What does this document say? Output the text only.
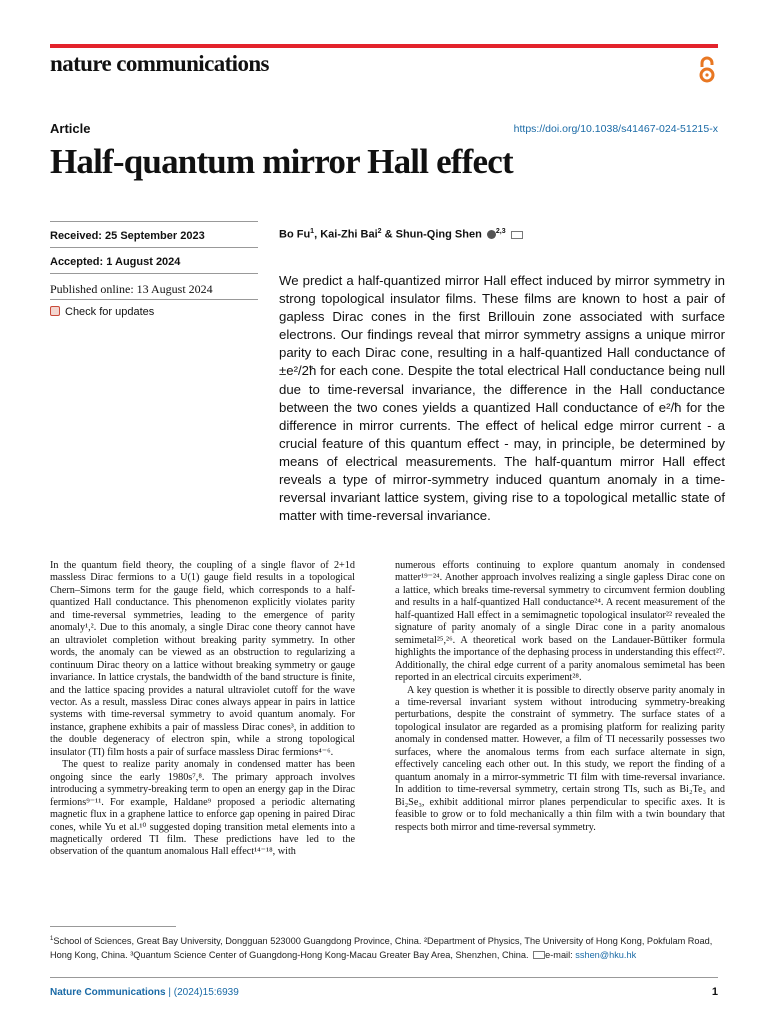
nature communications
Article	https://doi.org/10.1038/s41467-024-51215-x
Half-quantum mirror Hall effect
Received: 25 September 2023
Accepted: 1 August 2024
Published online: 13 August 2024
Check for updates
Bo Fu$^1$, Kai-Zhi Bai$^2$ & Shun-Qing Shen $^{2,3}$
We predict a half-quantized mirror Hall effect induced by mirror symmetry in strong topological insulator films. These films are known to host a pair of gapless Dirac cones in the first Brillouin zone associated with surface electrons. Our findings reveal that mirror symmetry assigns a unique mirror parity to each Dirac cone, resulting in a half-quantized Hall conductance of ±e²/2ħ for each cone. Despite the total electrical Hall conductance being null due to time-reversal invariance, the difference in the Hall conductance between the two cones yields a quantized Hall conductance of e²/ħ for the difference in mirror currents. The effect of helical edge mirror current - a crucial feature of this quantum effect - may, in principle, be determined by means of electrical measurements. The half-quantum mirror Hall effect reveals a type of mirror-symmetry induced quantum anomaly in a time-reversal invariant lattice system, giving rise to a topological metallic state of matter with time-reversal invariance.

In the quantum field theory, the coupling of a single flavor of 2+1d massless Dirac fermions to a U(1) gauge field results in a topological Chern–Simons term for the gauge field, which corresponds to a half-quantized Hall conductance. This phenomenon explicitly violates parity and time-reversal symmetries, leading to the emergence of parity anomaly¹,². Due to this anomaly, a single Dirac cone theory cannot have an ultraviolet completion without breaking parity symmetry. In other words, the anomaly can be viewed as an obstruction to regularizing a continuum Dirac theory on a lattice without breaking symmetry or gauge invariance. In lattice crystals, the bandwidth of the band structure is finite, and the lattice spacing provides a natural ultraviolet cutoff for the wave vector. As a result, massless Dirac cones always appear in pairs in lattice systems with time-reversal symmetry to avoid quantum anomaly. For instance, graphene exhibits a pair of massless Dirac cones³, in addition to the double degeneracy of electron spin, while a strong topological insulator (TI) film hosts a pair of surface massless Dirac fermions⁴⁻⁶.

The quest to realize parity anomaly in condensed matter has been ongoing since the early 1980s⁷,⁸. The primary approach involves introducing a symmetry-breaking term to open an energy gap in the Dirac fermions⁹⁻¹¹. For example, Haldane⁹ proposed a periodic alternating magnetic flux in a graphene lattice to enforce gap opening in paired Dirac cones, while Yu et al.¹⁰ suggested doping transition metal elements into a magnetically ordered TI film. These predictions have led to the observation of the quantum anomalous Hall effect¹⁴⁻¹⁸, with

numerous efforts continuing to explore quantum anomaly in condensed matter¹⁹⁻²⁴. Another approach involves realizing a single gapless Dirac cone on a lattice, which breaks time-reversal symmetry to circumvent fermion doubling and results in a half-quantized Hall conductance²⁴. A recent measurement of the half-quantized Hall effect in a semimagnetic topological insulator²² revealed the signature of parity anomaly of a single Dirac cone in a parity anomalous semimetal²⁵,²⁶. A theoretical work based on the Landauer-Büttiker formula highlights the importance of the dephasing process in understanding this effect²⁷. Additionally, the chiral edge current of a parity anomalous semimetal has been reported in an electrical circuits experiment²⁸.

A key question is whether it is possible to directly observe parity anomaly in a time-reversal invariant system without introducing symmetry-breaking perturbations, despite the constraint of symmetry. The surface states of a topological insulator are regarded as a promising platform for realizing parity anomaly in condensed matter. However, a film of TI necessarily possesses two surfaces, where the anomalous terms from each surface alternate in sign, effectively canceling each other out. In this study, we report the finding of a quantum anomaly in a mirror-symmetric TI film with time-reversal invariance. In addition to time-reversal symmetry, certain strong TIs, such as Bi₂Te₃ and Bi₂Se₃, exhibit additional mirror planes perpendicular to specific axes. It is feasible to grow or to fold mechanically a thin film with a twin boundary that respects both mirror and time-reversal symmetry.

$^1$School of Sciences, Great Bay University, Dongguan 523000 Guangdong Province, China. ²Department of Physics, The University of Hong Kong, Pokfulam Road, Hong Kong, China. ³Quantum Science Center of Guangdong-Hong Kong-Macau Greater Bay Area, Shenzhen, China. e-mail: sshen@hku.hk
Nature Communications | (2024)15:6939	1
